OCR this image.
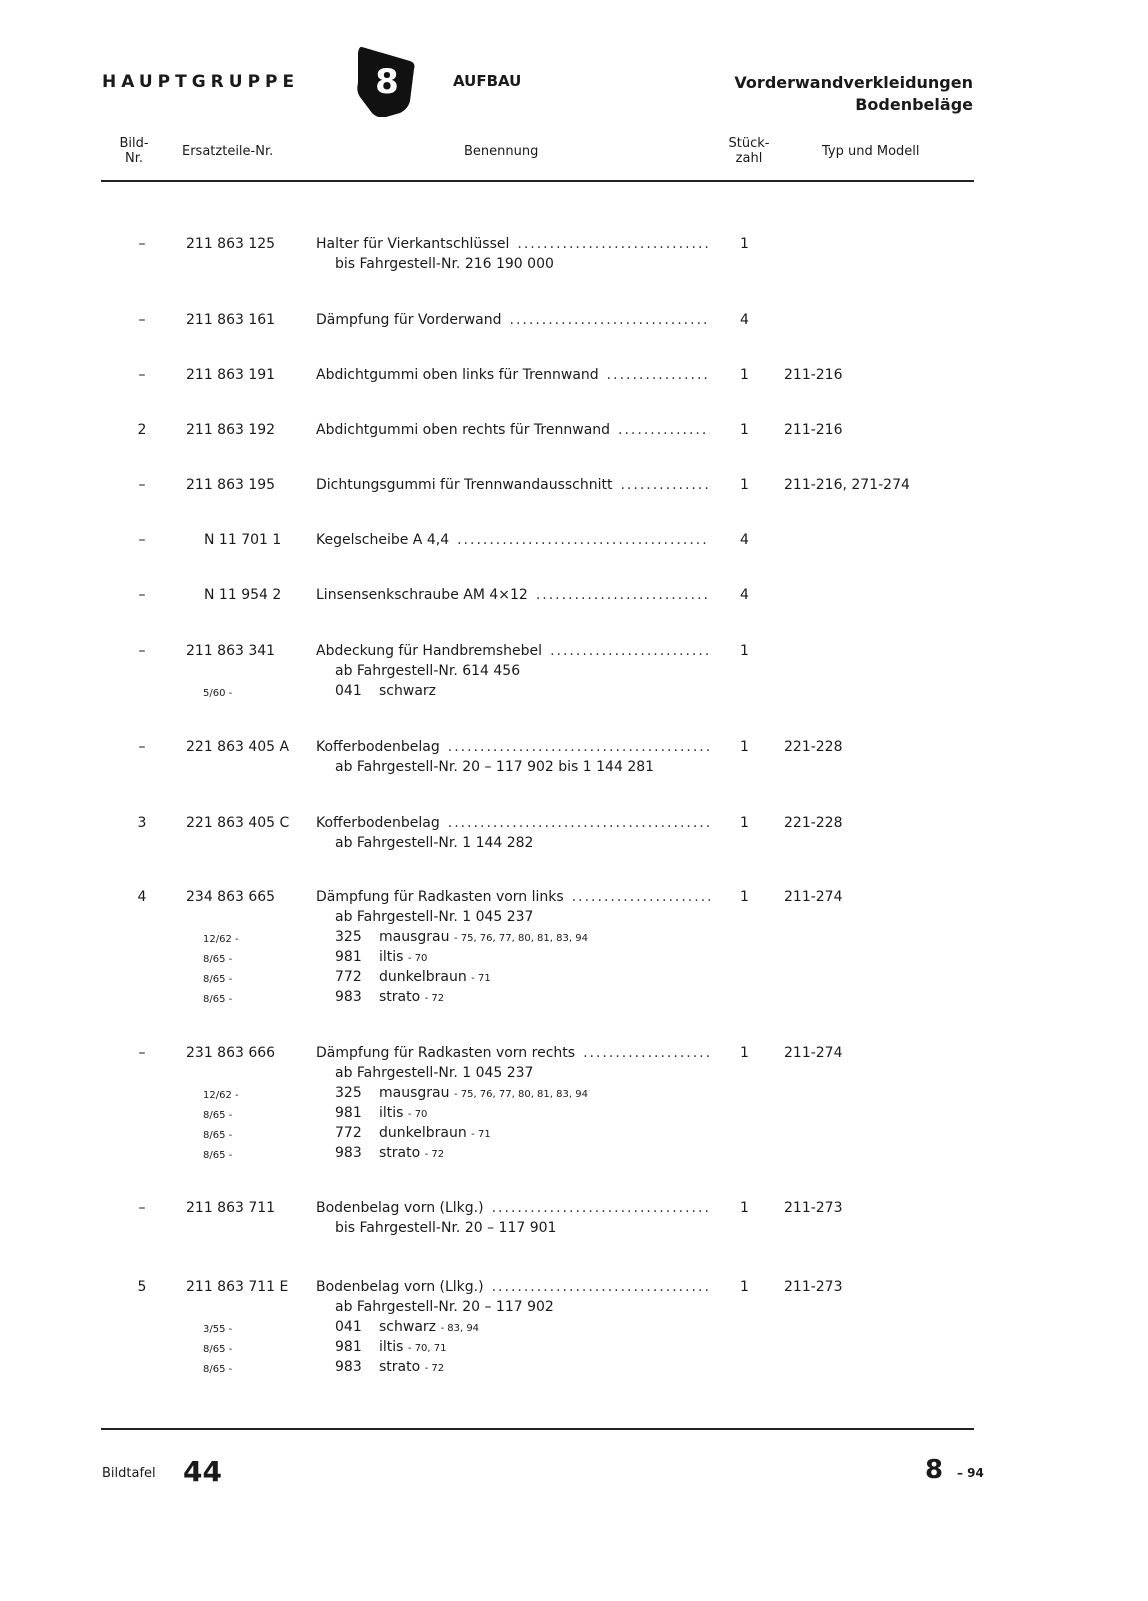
HAUPTGRUPPE 8	AUFBAU	Vorderwandverkleidungen
Bodenbeläge
Bild-
Nr.	Ersatzteile-Nr.	Benennung
Stück-
zahl	Typ und Modell
–	211 863 125	Halter für Vierkantschlüssel .....	1
bis Fahrgestell-Nr. 216 190 000
–	211 863 161	Dämpfung für Vorderwand .....	4
–	211 863 191	Abdichtgummi oben links für Trennwand .....	1	211-216
2	211 863 192	Abdichtgummi oben rechts für Trennwand .....	1	211-216
–	211 863 195	Dichtungsgummi für Trennwandausschnitt .....	1	211-216, 271-274
–	N 11 701 1	Kegelscheibe A 4,4 .....	4
–	N 11 954 2	Linsensenkschraube AM 4×12 .....	4
–	211 863 341	Abdeckung für Handbremshebel .....	1
ab Fahrgestell-Nr. 614 456
5/60 -	041 schwarz
–	221 863 405 A	Kofferbodenbelag .....	1	221-228
ab Fahrgestell-Nr. 20 – 117 902 bis 1 144 281
3	221 863 405 C	Kofferbodenbelag .....	1	221-228
ab Fahrgestell-Nr. 1 144 282
4	234 863 665	Dämpfung für Radkasten vorn links .....	1	211-274
ab Fahrgestell-Nr. 1 045 237
12/62 -	325 mausgrau - 75, 76, 77, 80, 81, 83, 94
8/65 -	981 iltis - 70
8/65 -	772 dunkelbraun - 71
8/65 -	983 strato - 72
–	231 863 666	Dämpfung für Radkasten vorn rechts .....	1	211-274
ab Fahrgestell-Nr. 1 045 237
12/62 -	325 mausgrau - 75, 76, 77, 80, 81, 83, 94
8/65 -	981 iltis - 70
8/65 -	772 dunkelbraun - 71
8/65 -	983 strato - 72
–	211 863 711	Bodenbelag vorn (Llkg.) .....	1	211-273
bis Fahrgestell-Nr. 20 – 117 901
5	211 863 711 E	Bodenbelag vorn (Llkg.) .....	1	211-273
ab Fahrgestell-Nr. 20 – 117 902
3/55 -	041 schwarz - 83, 94
8/65 -	981 iltis - 70, 71
8/65 -	983 strato - 72
Bildtafel 44	8 – 94
